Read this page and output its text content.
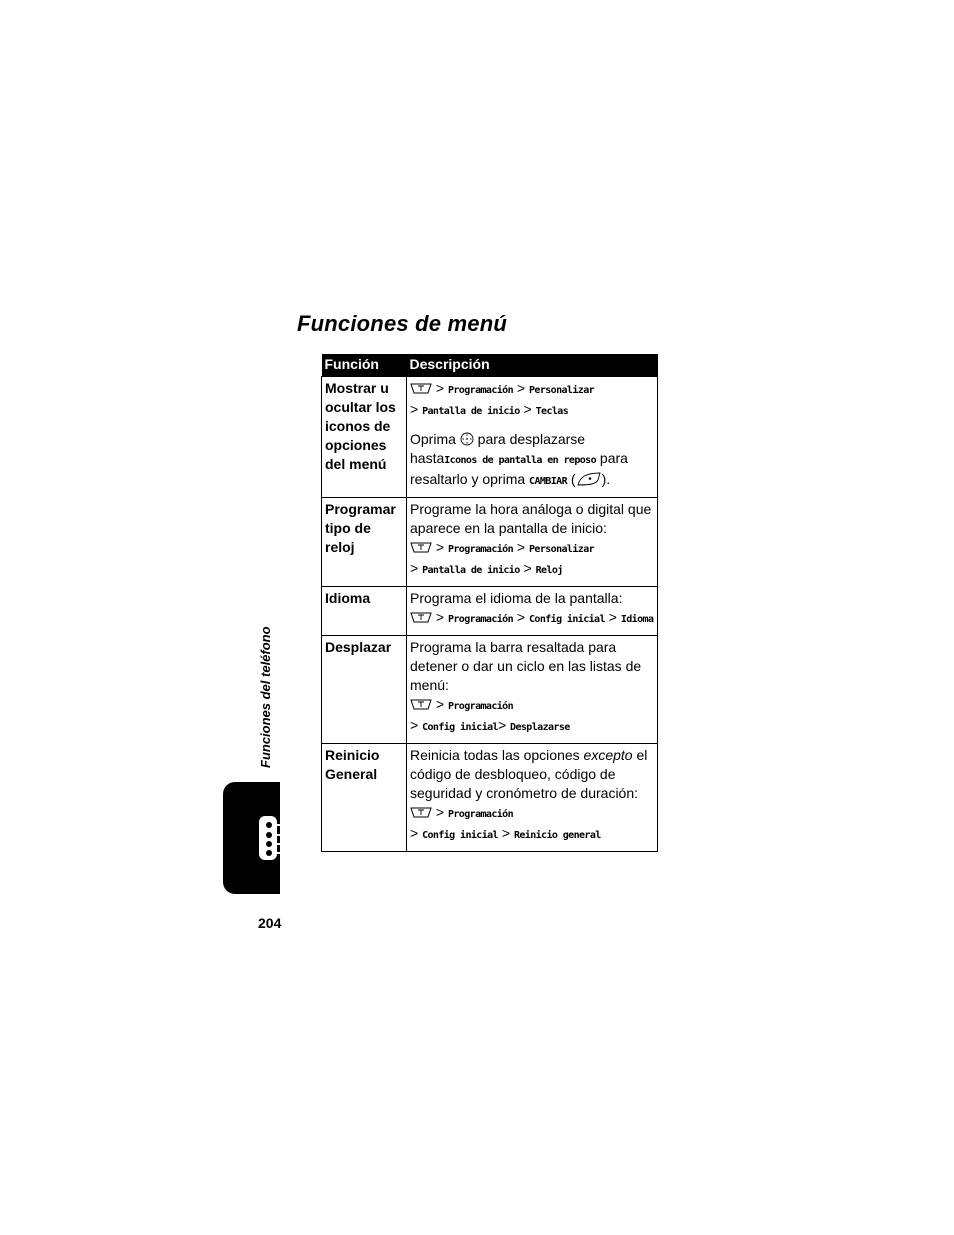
Funciones de menú
Función	Descripción
Mostrar u ocultar los iconos de opciones del menú	> Programación > Personalizar
> Pantalla de inicio > Teclas
Oprima  para desplazarse hastaIconos de pantalla en reposo para resaltarlo y oprima CAMBIAR ( ).

Programar tipo de reloj	Programe la hora análoga o digital que aparece en la pantalla de inicio:
> Programación > Personalizar
> Pantalla de inicio > Reloj

Idioma	Programa el idioma de la pantalla:
> Programación > Config inicial > Idioma

Desplazar	Programa la barra resaltada para detener o dar un ciclo en las listas de menú:
> Programación
> Config inicial> Desplazarse

Reinicio General	Reinicia todas las opciones excepto el código de desbloqueo, código de seguridad y cronómetro de duración:
> Programación
> Config inicial > Reinicio general
Funciones del teléfono
204
